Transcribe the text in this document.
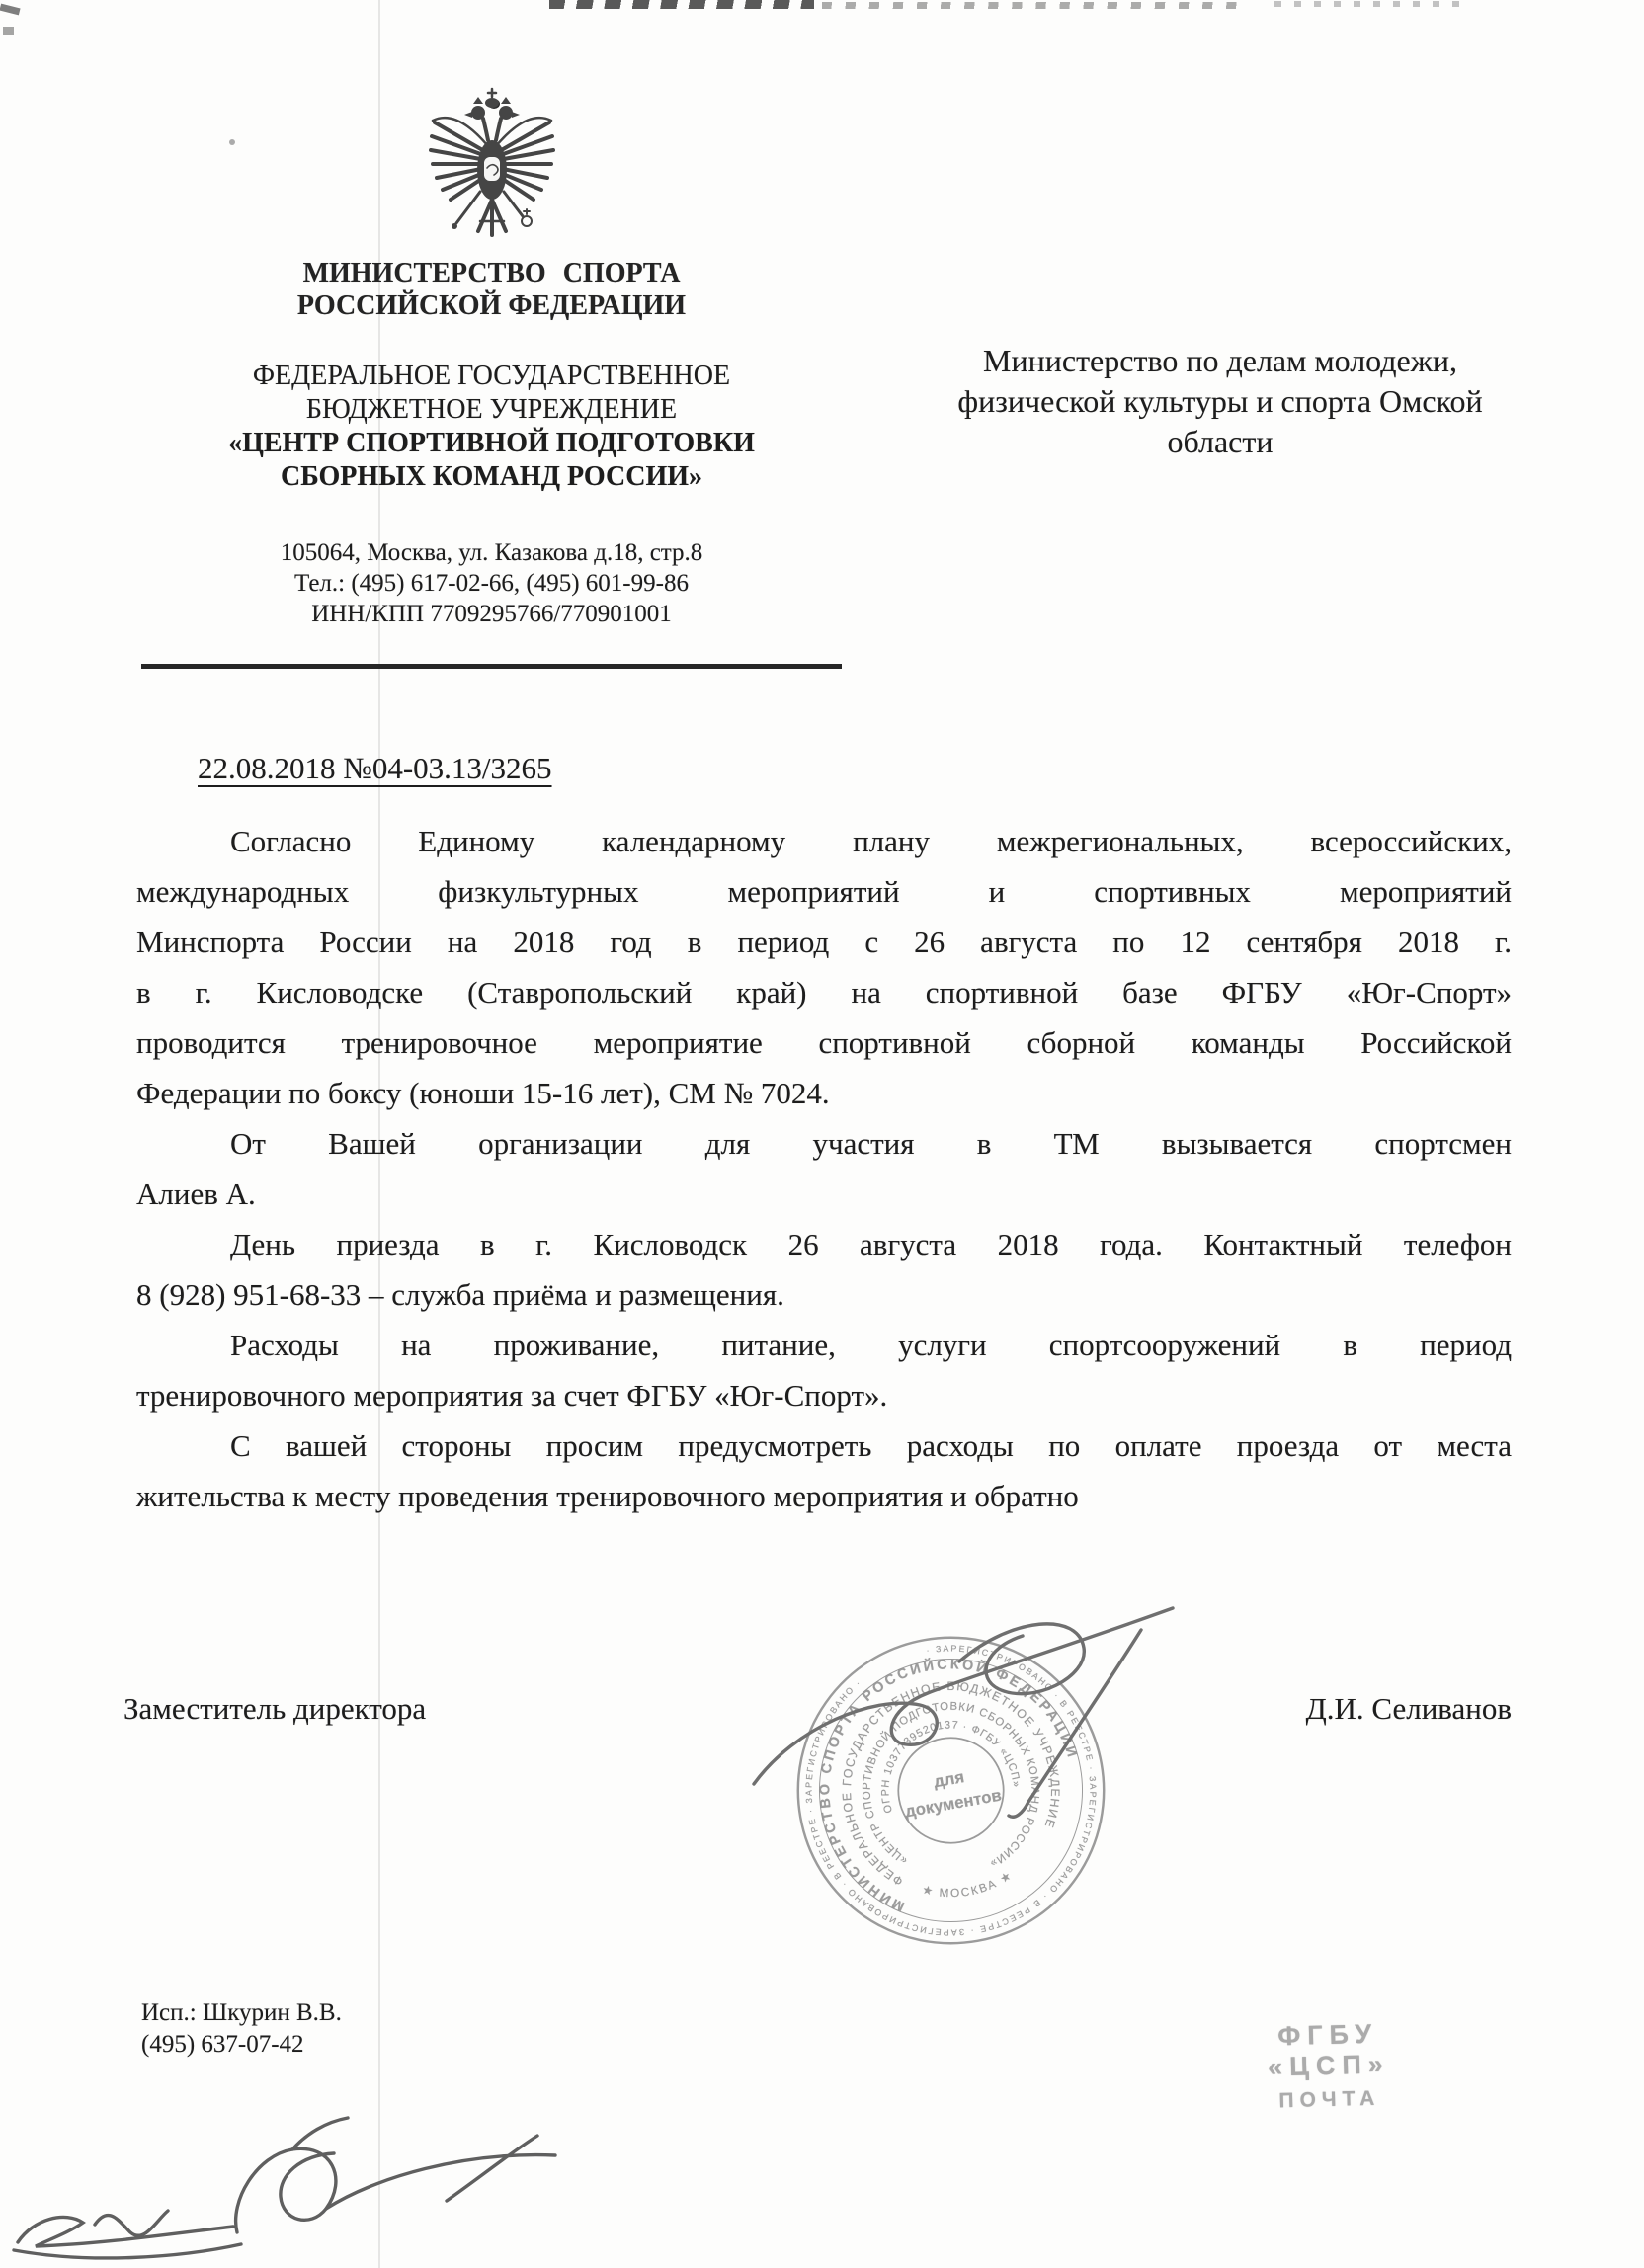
МИНИСТЕРСТВО СПОРТА
РОССИЙСКОЙ ФЕДЕРАЦИИ
ФЕДЕРАЛЬНОЕ ГОСУДАРСТВЕННОЕ
БЮДЖЕТНОЕ УЧРЕЖДЕНИЕ
«ЦЕНТР СПОРТИВНОЙ ПОДГОТОВКИ
СБОРНЫХ КОМАНД РОССИИ»
105064, Москва, ул. Казакова д.18, стр.8
Тел.: (495) 617-02-66, (495) 601-99-86
ИНН/КПП 7709295766/770901001
Министерство по делам молодежи,
физической культуры и спорта Омской
области
22.08.2018 №04-03.13/3265
Согласно Единому календарному плану межрегиональных, всероссийских,
международных физкультурных мероприятий и спортивных мероприятий
Минспорта России на 2018 год в период с 26 августа по 12 сентября 2018 г.
в г. Кисловодске (Ставропольский край) на спортивной базе ФГБУ «Юг-Спорт»
проводится тренировочное мероприятие спортивной сборной команды Российской
Федерации по боксу (юноши 15-16 лет), СМ № 7024.
От Вашей организации для участия в ТМ вызывается спортсмен
Алиев А.
День приезда в г. Кисловодск 26 августа 2018 года. Контактный телефон
8 (928) 951-68-33 – служба приёма и размещения.
Расходы на проживание, питание, услуги спортсооружений в период
тренировочного мероприятия за счет ФГБУ «Юг-Спорт».
С вашей стороны просим предусмотреть расходы по оплате проезда от места
жительства к месту проведения тренировочного мероприятия и обратно
Заместитель директора	Д.И. Селиванов
· ЗАРЕГИСТРИРОВАНО · В РЕЕСТРЕ · ЗАРЕГИСТРИРОВАНО · В РЕЕСТРЕ · ЗАРЕГИСТРИРОВАНО · В РЕЕСТРЕ · ЗАРЕГИСТРИРОВАНО ·
МИНИСТЕРСТВО СПОРТА РОССИЙСКОЙ ФЕДЕРАЦИИ
ФЕДЕРАЛЬНОЕ ГОСУДАРСТВЕННОЕ БЮДЖЕТНОЕ УЧРЕЖДЕНИЕ
«ЦЕНТР СПОРТИВНОЙ ПОДГОТОВКИ СБОРНЫХ КОМАНД РОССИИ»
ОГРН 1037739520137 · ФГБУ «ЦСП»
★ МОСКВА ★
для
документов
Исп.: Шкурин В.В.
(495) 637-07-42	ФГБУ «ЦСП»
ПОЧТА
